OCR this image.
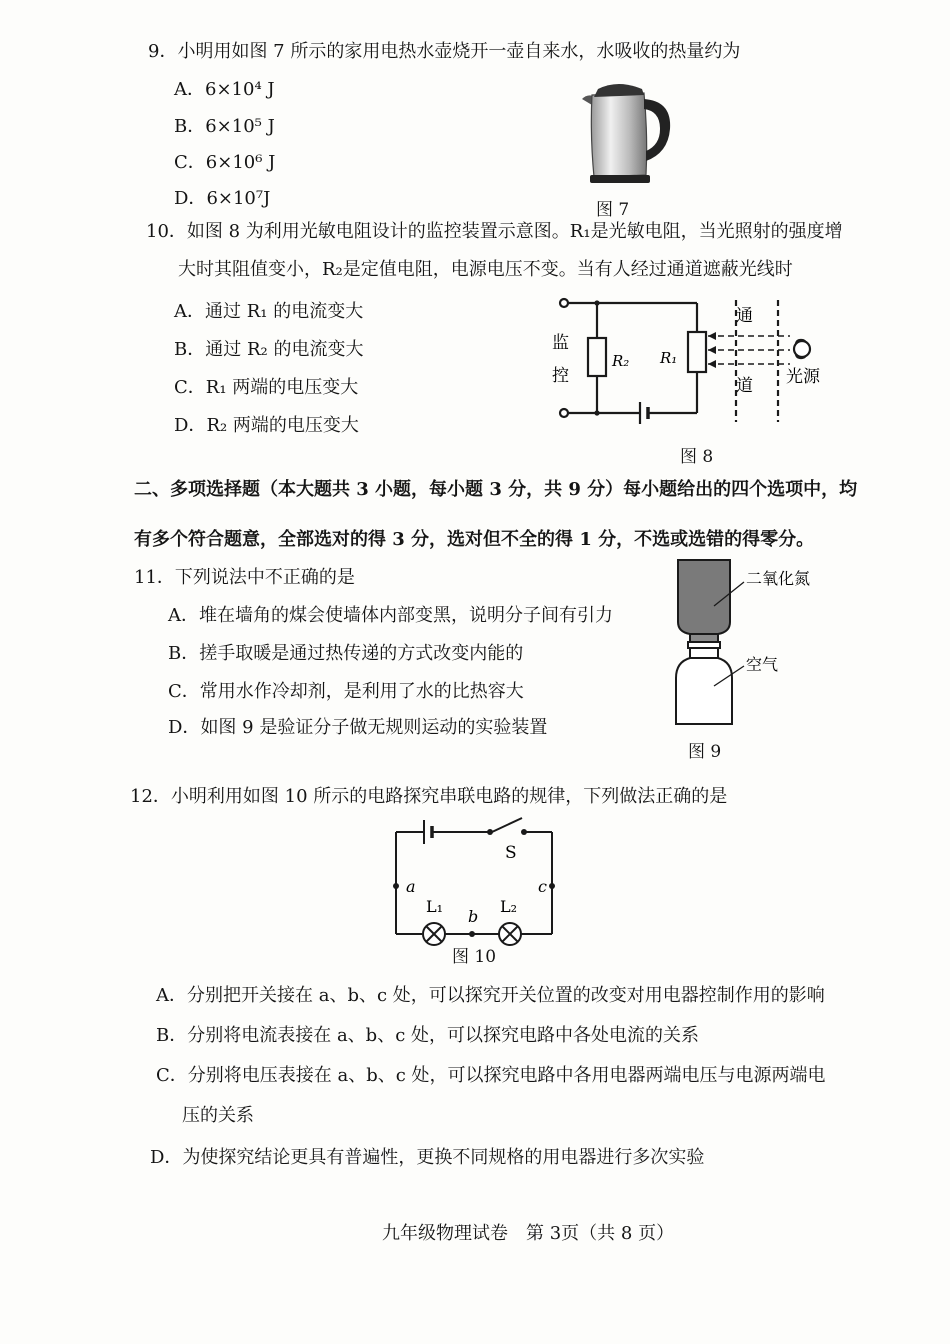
9．小明用如图 7 所示的家用电热水壶烧开一壶自来水，水吸收的热量约为
A．6×10⁴ J
B．6×10⁵ J
C．6×10⁶ J
D．6×10⁷J
图 7
10．如图 8 为利用光敏电阻设计的监控装置示意图。R₁是光敏电阻，当光照射的强度增
大时其阻值变小，R₂是定值电阻，电源电压不变。当有人经过通道遮蔽光线时
A．通过 R₁ 的电流变大
B．通过 R₂ 的电流变大
C．R₁ 两端的电压变大
D．R₂ 两端的电压变大
监
控
R₂ R₁
通
道 光源
图 8
二、多项选择题（本大题共 3 小题，每小题 3 分，共 9 分）每小题给出的四个选项中，均
有多个符合题意，全部选对的得 3 分，选对但不全的得 1 分，不选或选错的得零分。
11．下列说法中不正确的是
A．堆在墙角的煤会使墙体内部变黑，说明分子间有引力
B．搓手取暖是通过热传递的方式改变内能的
C．常用水作冷却剂，是利用了水的比热容大
D．如图 9 是验证分子做无规则运动的实验装置
二氧化氮
空气
图 9
12．小明利用如图 10 所示的电路探究串联电路的规律，下列做法正确的是
S
a	c
b
L₁	L₂
图 10
A．分别把开关接在 a、b、c 处，可以探究开关位置的改变对用电器控制作用的影响
B．分别将电流表接在 a、b、c 处，可以探究电路中各处电流的关系
C．分别将电压表接在 a、b、c 处，可以探究电路中各用电器两端电压与电源两端电
压的关系
D．为使探究结论更具有普遍性，更换不同规格的用电器进行多次实验
九年级物理试卷　第 3页（共 8 页）
